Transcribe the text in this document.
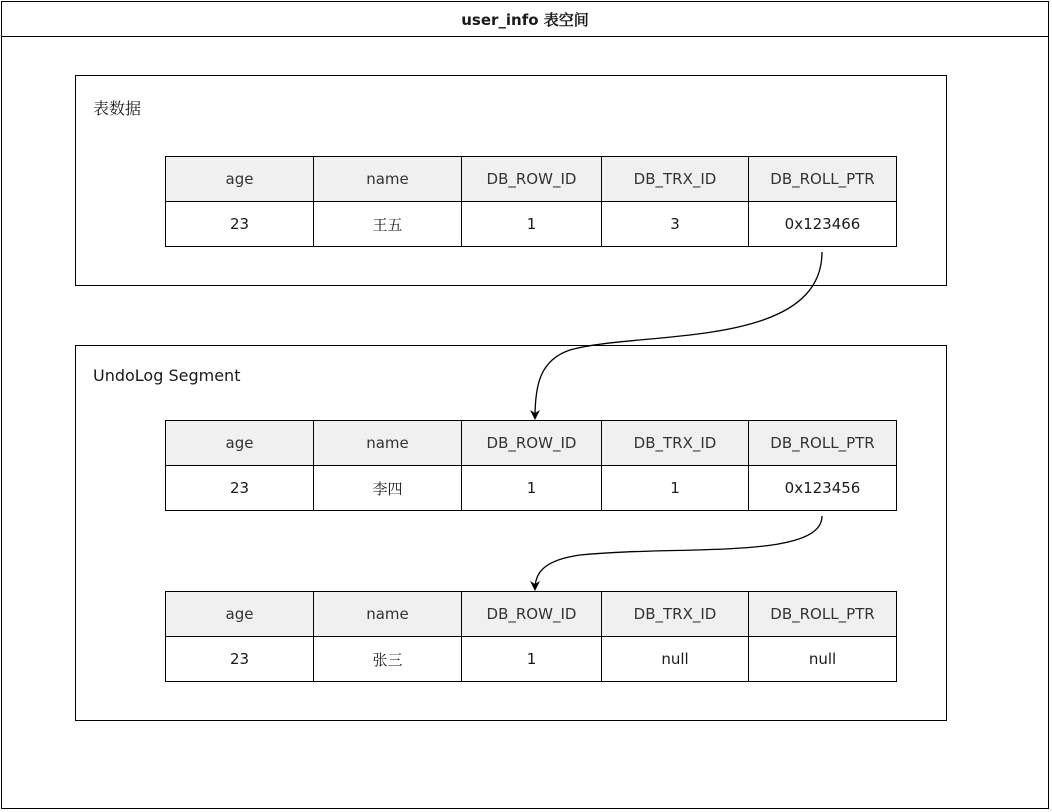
user_info 表空间
表数据
age	name	DB_ROW_ID	DB_TRX_ID	DB_ROLL_PTR
23	王五	1	3	0x123466
UndoLog Segment
age	name	DB_ROW_ID	DB_TRX_ID	DB_ROLL_PTR
23	李四	1	1	0x123456
age	name	DB_ROW_ID	DB_TRX_ID	DB_ROLL_PTR
23	张三	1	null	null
